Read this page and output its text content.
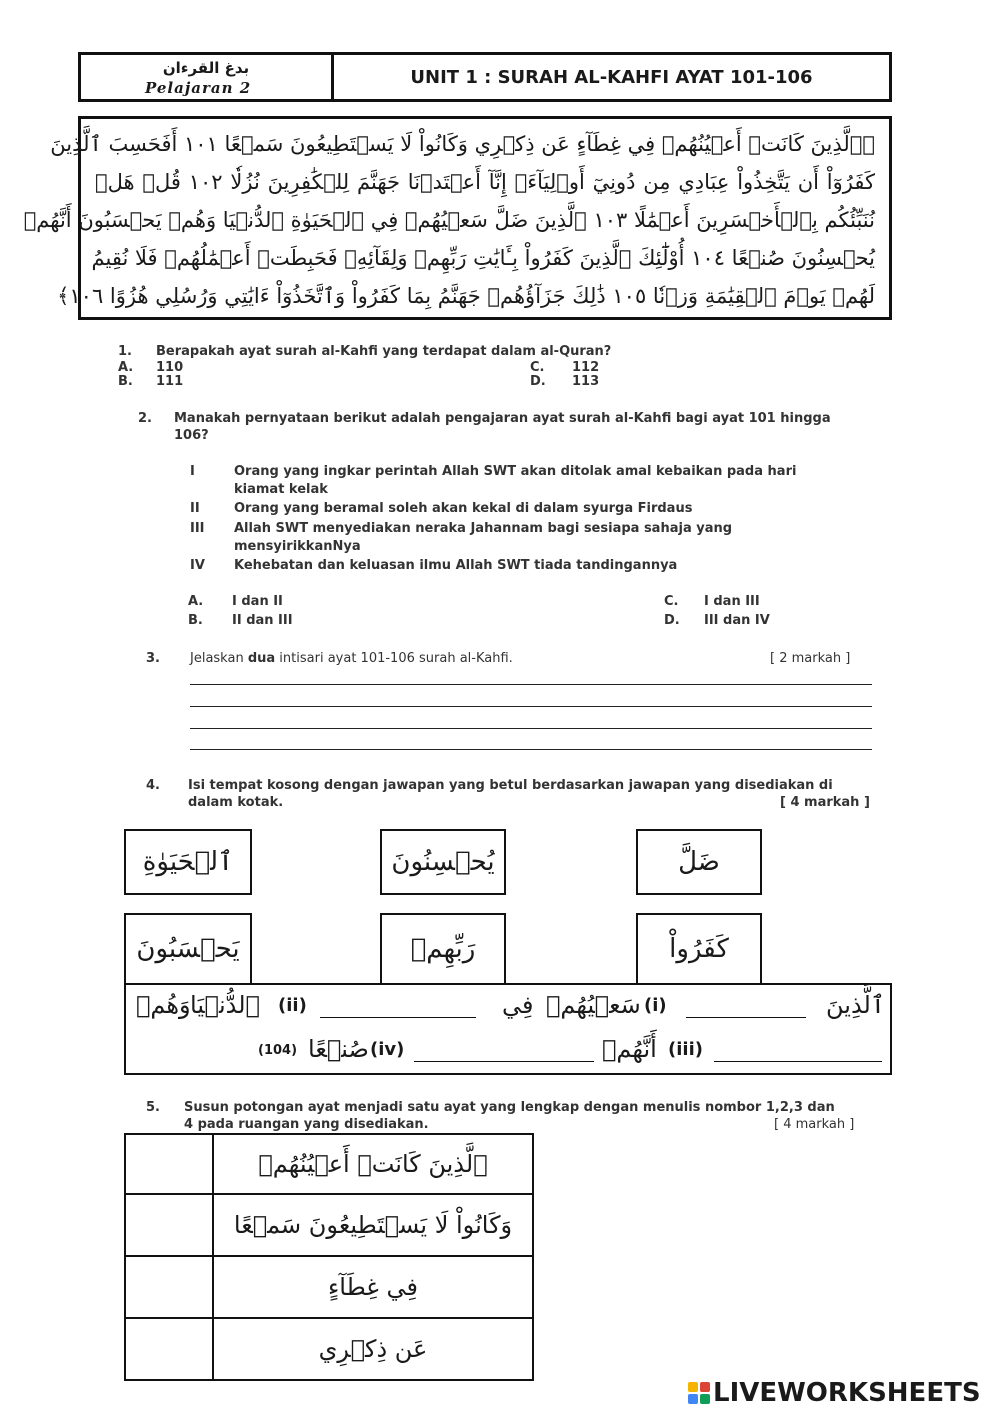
بدغ القرءان
Pelajaran 2
UNIT 1 : SURAH AL-KAHFI AYAT 101-106
﴿ٱلَّذِينَ كَانَتۡ أَعۡيُنُهُمۡ فِي غِطَآءٍ عَن ذِكۡرِي وَكَانُواْ لَا يَسۡتَطِيعُونَ سَمۡعًا ١٠١ أَفَحَسِبَ ٱلَّذِينَ
كَفَرُوٓاْ أَن يَتَّخِذُواْ عِبَادِي مِن دُونِيٓ أَوۡلِيَآءَۚ إِنَّآ أَعۡتَدۡنَا جَهَنَّمَ لِلۡكَٰفِرِينَ نُزُلٗا ١٠٢ قُلۡ هَلۡ
نُنَبِّئُكُم بِٱلۡأَخۡسَرِينَ أَعۡمَٰلًا ١٠٣ ٱلَّذِينَ ضَلَّ سَعۡيُهُمۡ فِي ٱلۡحَيَوٰةِ ٱلدُّنۡيَا وَهُمۡ يَحۡسَبُونَ أَنَّهُمۡ
يُحۡسِنُونَ صُنۡعًا ١٠٤ أُوْلَٰٓئِكَ ٱلَّذِينَ كَفَرُواْ بِـَٔايَٰتِ رَبِّهِمۡ وَلِقَآئِهِۦ فَحَبِطَتۡ أَعۡمَٰلُهُمۡ فَلَا نُقِيمُ
لَهُمۡ يَوۡمَ ٱلۡقِيَٰمَةِ وَزۡنٗا ١٠٥ ذَٰلِكَ جَزَآؤُهُمۡ جَهَنَّمُ بِمَا كَفَرُواْ وَٱتَّخَذُوٓاْ ءَايَٰتِي وَرُسُلِي هُزُوًا ١٠٦﴾
1. Berapakah ayat surah al-Kahfi yang terdapat dalam al-Quran?
A. 110
B. 111
C. 112
D. 113
2. Manakah pernyataan berikut adalah pengajaran ayat surah al-Kahfi bagi ayat 101 hingga
106?
I	Orang yang ingkar perintah Allah SWT akan ditolak amal kebaikan pada hari
kiamat kelak
II	Orang yang beramal soleh akan kekal di dalam syurga Firdaus
III Allah SWT menyediakan neraka Jahannam bagi sesiapa sahaja yang
mensyirikkanNya
IV Kehebatan dan keluasan ilmu Allah SWT tiada tandingannya
A. I dan II
B. II dan III
C. I dan III
D. III dan IV
3. Jelaskan dua intisari ayat 101-106 surah al-Kahfi.	[ 2 markah ]
4. Isi tempat kosong dengan jawapan yang betul berdasarkan jawapan yang disediakan di
dalam kotak.	[ 4 markah ]
ضَلَّ
يُحۡسِنُونَ
ٱلۡحَيَوٰةِ
كَفَرُواْ
رَبِّهِمۡ
يَحۡسَبُونَ
ٱلَّذِينَ
(i)
سَعۡيُهُمۡ
فِي
(ii)
ٱلدُّنۡيَا
وَهُمۡ
(iii)
أَنَّهُمۡ
(iv)
صُنۡعًا
(104)
5. Susun potongan ayat menjadi satu ayat yang lengkap dengan menulis nombor 1,2,3 dan
4 pada ruangan yang disediakan.	[ 4 markah ]
	ٱلَّذِينَ كَانَتۡ أَعۡيُنُهُمۡ
	وَكَانُواْ لَا يَسۡتَطِيعُونَ سَمۡعًا
	فِي غِطَآءٍ
	عَن ذِكۡرِي
LIVEWORKSHEETS
